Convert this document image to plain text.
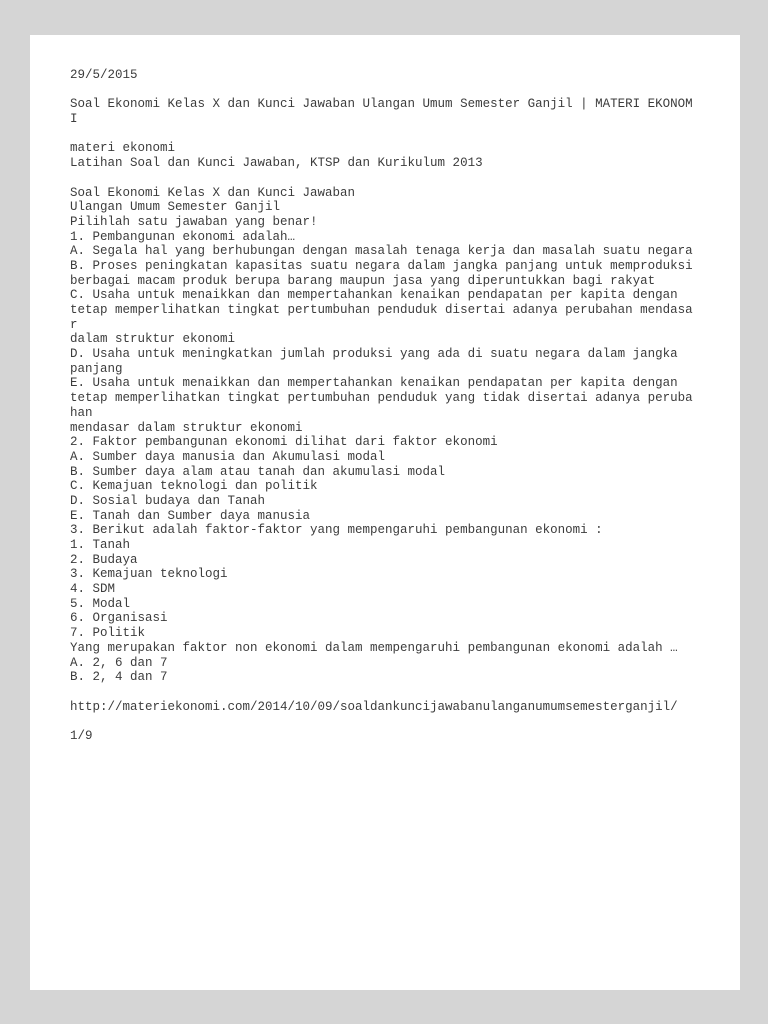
29/5/2015

Soal Ekonomi Kelas X dan Kunci Jawaban Ulangan Umum Semester Ganjil | MATERI EKONOM
I

materi ekonomi
Latihan Soal dan Kunci Jawaban, KTSP dan Kurikulum 2013

Soal Ekonomi Kelas X dan Kunci Jawaban
Ulangan Umum Semester Ganjil
Pilihlah satu jawaban yang benar!
1. Pembangunan ekonomi adalah…
A. Segala hal yang berhubungan dengan masalah tenaga kerja dan masalah suatu negara
B. Proses peningkatan kapasitas suatu negara dalam jangka panjang untuk memproduksi
berbagai macam produk berupa barang maupun jasa yang diperuntukkan bagi rakyat
C. Usaha untuk menaikkan dan mempertahankan kenaikan pendapatan per kapita dengan
tetap memperlihatkan tingkat pertumbuhan penduduk disertai adanya perubahan mendasa
r
dalam struktur ekonomi
D. Usaha untuk meningkatkan jumlah produksi yang ada di suatu negara dalam jangka
panjang
E. Usaha untuk menaikkan dan mempertahankan kenaikan pendapatan per kapita dengan
tetap memperlihatkan tingkat pertumbuhan penduduk yang tidak disertai adanya peruba
han
mendasar dalam struktur ekonomi
2. Faktor pembangunan ekonomi dilihat dari faktor ekonomi
A. Sumber daya manusia dan Akumulasi modal
B. Sumber daya alam atau tanah dan akumulasi modal
C. Kemajuan teknologi dan politik
D. Sosial budaya dan Tanah
E. Tanah dan Sumber daya manusia
3. Berikut adalah faktor-faktor yang mempengaruhi pembangunan ekonomi :
1. Tanah
2. Budaya
3. Kemajuan teknologi
4. SDM
5. Modal
6. Organisasi
7. Politik
Yang merupakan faktor non ekonomi dalam mempengaruhi pembangunan ekonomi adalah …
A. 2, 6 dan 7
B. 2, 4 dan 7

http://materiekonomi.com/2014/10/09/soaldankuncijawabanulanganumumsemesterganjil/

1/9
